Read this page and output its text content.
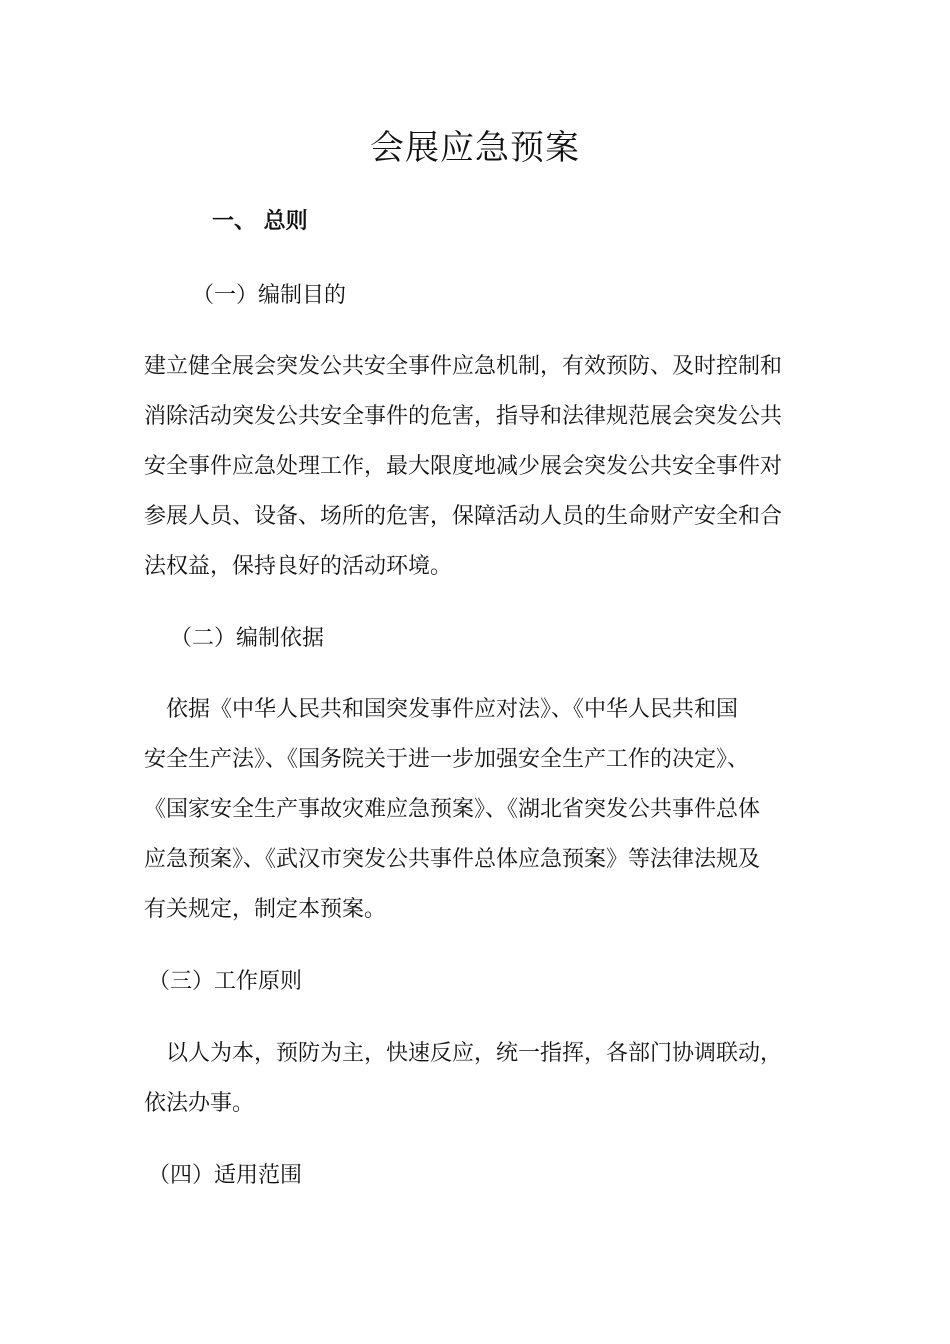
会展应急预案
一、 总则
（一）编制目的

建立健全展会突发公共安全事件应急机制，有效预防、及时控制和
消除活动突发公共安全事件的危害，指导和法律规范展会突发公共
安全事件应急处理工作，最大限度地减少展会突发公共安全事件对
参展人员、设备、场所的危害，保障活动人员的生命财产安全和合
法权益，保持良好的活动环境。

（二）编制依据

　依据《中华人民共和国突发事件应对法》、《中华人民共和国
安全生产法》、《国务院关于进一步加强安全生产工作的决定》、
《国家安全生产事故灾难应急预案》、《湖北省突发公共事件总体
应急预案》、《武汉市突发公共事件总体应急预案》等法律法规及
有关规定，制定本预案。

（三）工作原则

　以人为本，预防为主，快速反应，统一指挥，各部门协调联动，
依法办事。

（四）适用范围
